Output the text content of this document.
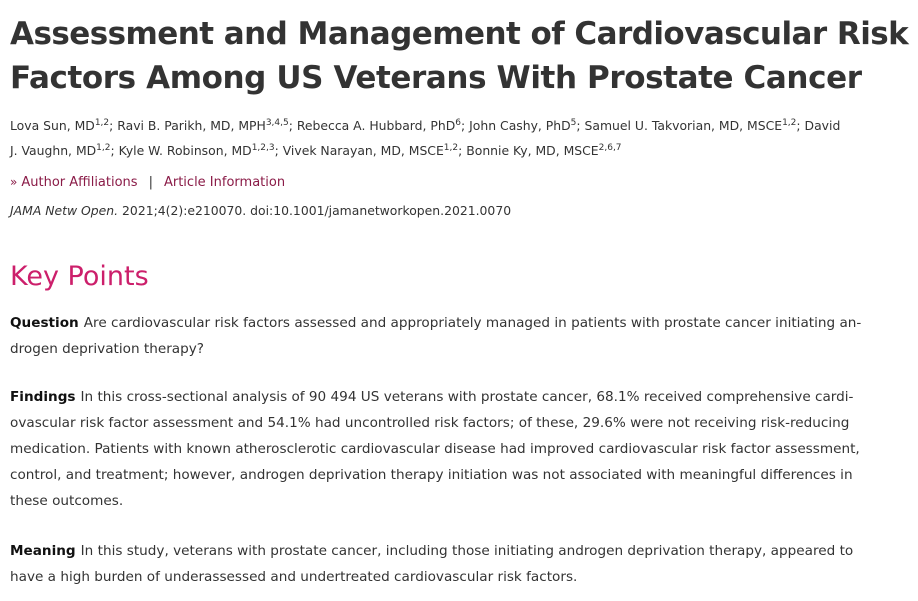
Assessment and Management of Cardiovascular Risk
Factors Among US Veterans With Prostate Cancer
Lova Sun, MD$^{1,2}$; Ravi B. Parikh, MD, MPH$^{3,4,5}$; Rebecca A. Hubbard, PhD$^6$; John Cashy, PhD$^5$; Samuel U. Takvorian, MD, MSCE$^{1,2}$; David
J. Vaughn, MD$^{1,2}$; Kyle W. Robinson, MD$^{1,2,3}$; Vivek Narayan, MD, MSCE$^{1,2}$; Bonnie Ky, MD, MSCE$^{2,6,7}$
» Author Affiliations | Article Information
JAMA Netw Open. 2021;4(2):e210070. doi:10.1001/jamanetworkopen.2021.0070
Key Points
Question Are cardiovascular risk factors assessed and appropriately managed in patients with prostate cancer initiating an-
drogen deprivation therapy?
Findings In this cross-sectional analysis of 90 494 US veterans with prostate cancer, 68.1% received comprehensive cardi-
ovascular risk factor assessment and 54.1% had uncontrolled risk factors; of these, 29.6% were not receiving risk-reducing
medication. Patients with known atherosclerotic cardiovascular disease had improved cardiovascular risk factor assessment,
control, and treatment; however, androgen deprivation therapy initiation was not associated with meaningful differences in
these outcomes.
Meaning In this study, veterans with prostate cancer, including those initiating androgen deprivation therapy, appeared to
have a high burden of underassessed and undertreated cardiovascular risk factors.
